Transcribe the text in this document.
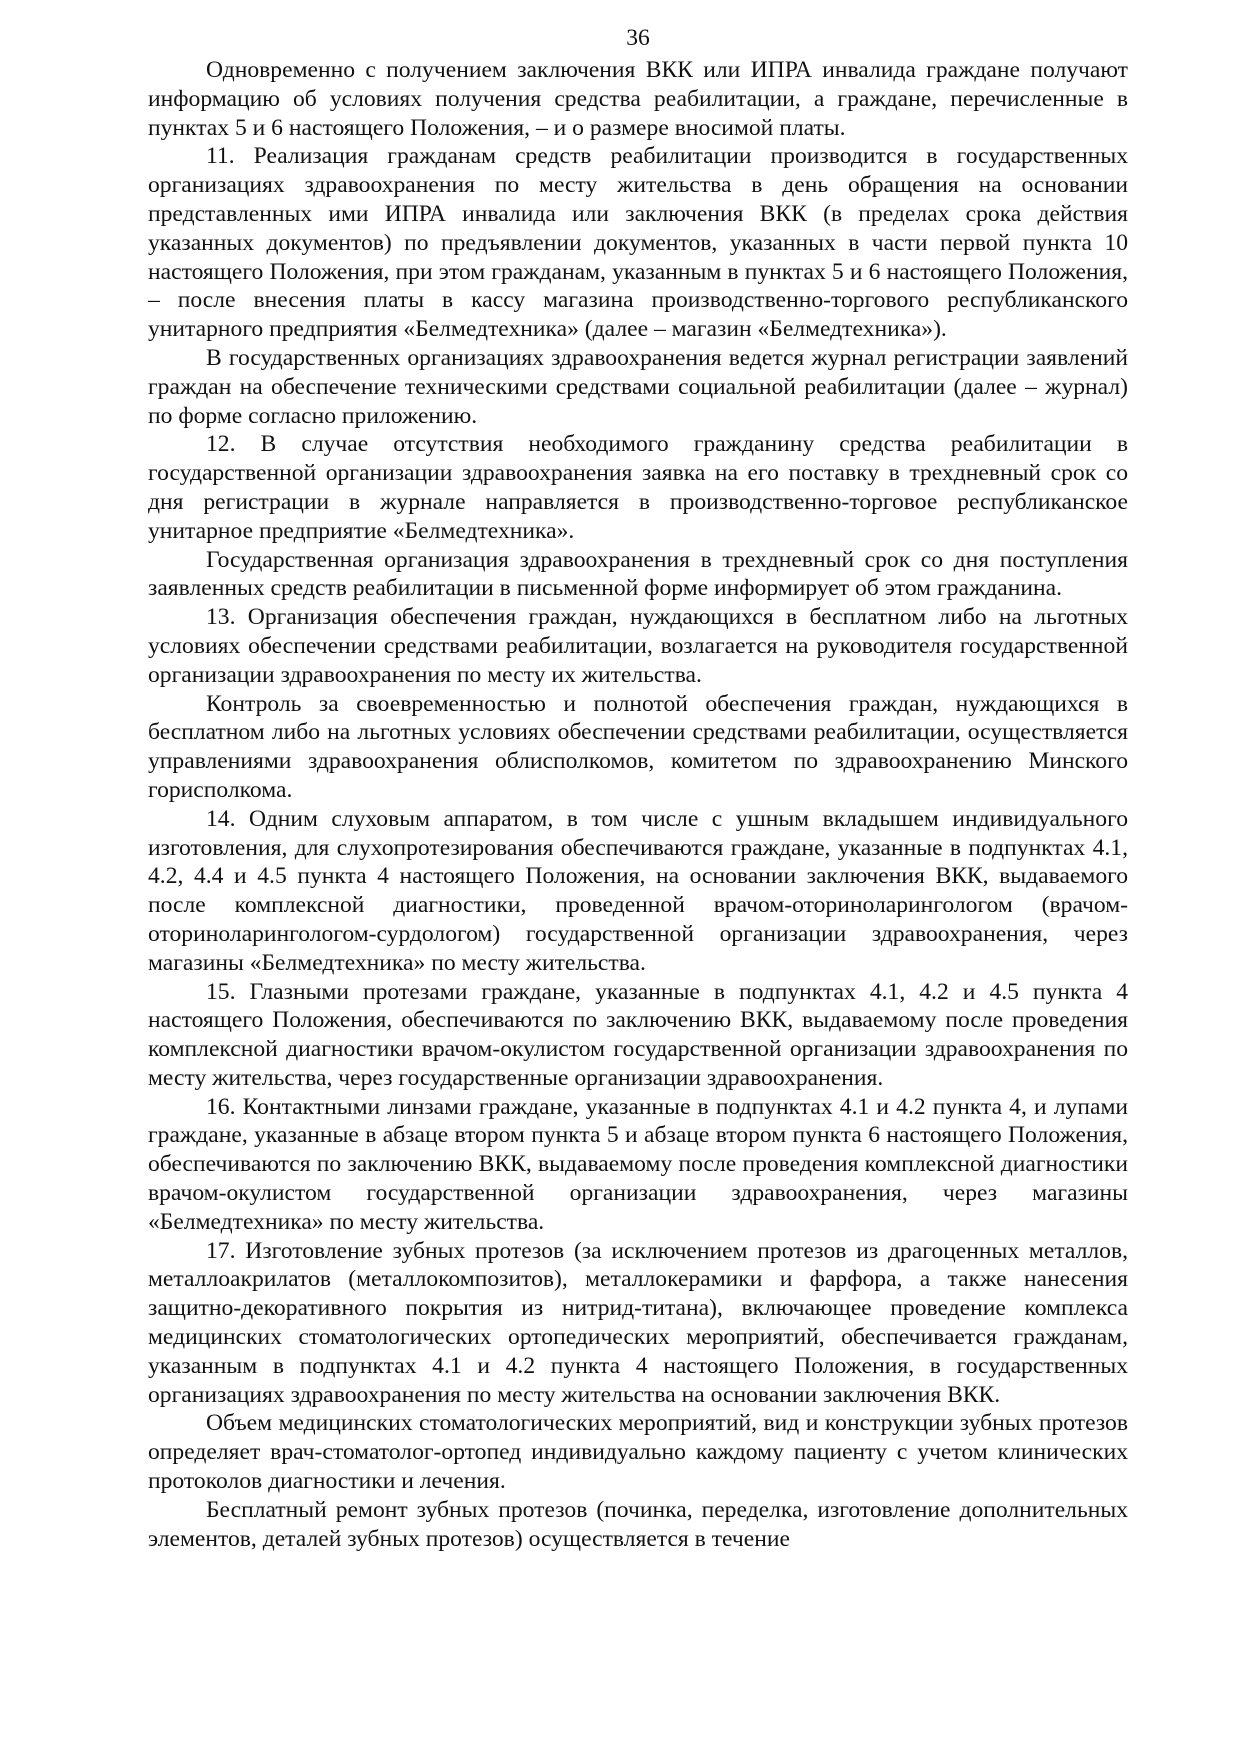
36

Одновременно с получением заключения ВКК или ИПРА инвалида граждане получают информацию об условиях получения средства реабилитации, а граждане, перечисленные в пунктах 5 и 6 настоящего Положения, – и о размере вносимой платы.

11. Реализация гражданам средств реабилитации производится в государственных организациях здравоохранения по месту жительства в день обращения на основании представленных ими ИПРА инвалида или заключения ВКК (в пределах срока действия указанных документов) по предъявлении документов, указанных в части первой пункта 10 настоящего Положения, при этом гражданам, указанным в пунктах 5 и 6 настоящего Положения, – после внесения платы в кассу магазина производственно-торгового республиканского унитарного предприятия «Белмедтехника» (далее – магазин «Белмедтехника»).

В государственных организациях здравоохранения ведется журнал регистрации заявлений граждан на обеспечение техническими средствами социальной реабилитации (далее – журнал) по форме согласно приложению.

12. В случае отсутствия необходимого гражданину средства реабилитации в государственной организации здравоохранения заявка на его поставку в трехдневный срок со дня регистрации в журнале направляется в производственно-торговое республиканское унитарное предприятие «Белмедтехника».

Государственная организация здравоохранения в трехдневный срок со дня поступления заявленных средств реабилитации в письменной форме информирует об этом гражданина.

13. Организация обеспечения граждан, нуждающихся в бесплатном либо на льготных условиях обеспечении средствами реабилитации, возлагается на руководителя государственной организации здравоохранения по месту их жительства.

Контроль за своевременностью и полнотой обеспечения граждан, нуждающихся в бесплатном либо на льготных условиях обеспечении средствами реабилитации, осуществляется управлениями здравоохранения облисполкомов, комитетом по здравоохранению Минского горисполкома.

14. Одним слуховым аппаратом, в том числе с ушным вкладышем индивидуального изготовления, для слухопротезирования обеспечиваются граждане, указанные в подпунктах 4.1, 4.2, 4.4 и 4.5 пункта 4 настоящего Положения, на основании заключения ВКК, выдаваемого после комплексной диагностики, проведенной врачом-оториноларингологом (врачом-оториноларингологом-сурдологом) государственной организации здравоохранения, через магазины «Белмедтехника» по месту жительства.

15. Глазными протезами граждане, указанные в подпунктах 4.1, 4.2 и 4.5 пункта 4 настоящего Положения, обеспечиваются по заключению ВКК, выдаваемому после проведения комплексной диагностики врачом-окулистом государственной организации здравоохранения по месту жительства, через государственные организации здравоохранения.

16. Контактными линзами граждане, указанные в подпунктах 4.1 и 4.2 пункта 4, и лупами граждане, указанные в абзаце втором пункта 5 и абзаце втором пункта 6 настоящего Положения, обеспечиваются по заключению ВКК, выдаваемому после проведения комплексной диагностики врачом-окулистом государственной организации здравоохранения, через магазины «Белмедтехника» по месту жительства.

17. Изготовление зубных протезов (за исключением протезов из драгоценных металлов, металлоакрилатов (металлокомпозитов), металлокерамики и фарфора, а также нанесения защитно-декоративного покрытия из нитрид-титана), включающее проведение комплекса медицинских стоматологических ортопедических мероприятий, обеспечивается гражданам, указанным в подпунктах 4.1 и 4.2 пункта 4 настоящего Положения, в государственных организациях здравоохранения по месту жительства на основании заключения ВКК.

Объем медицинских стоматологических мероприятий, вид и конструкции зубных протезов определяет врач-стоматолог-ортопед индивидуально каждому пациенту с учетом клинических протоколов диагностики и лечения.

Бесплатный ремонт зубных протезов (починка, переделка, изготовление дополнительных элементов, деталей зубных протезов) осуществляется в течение
